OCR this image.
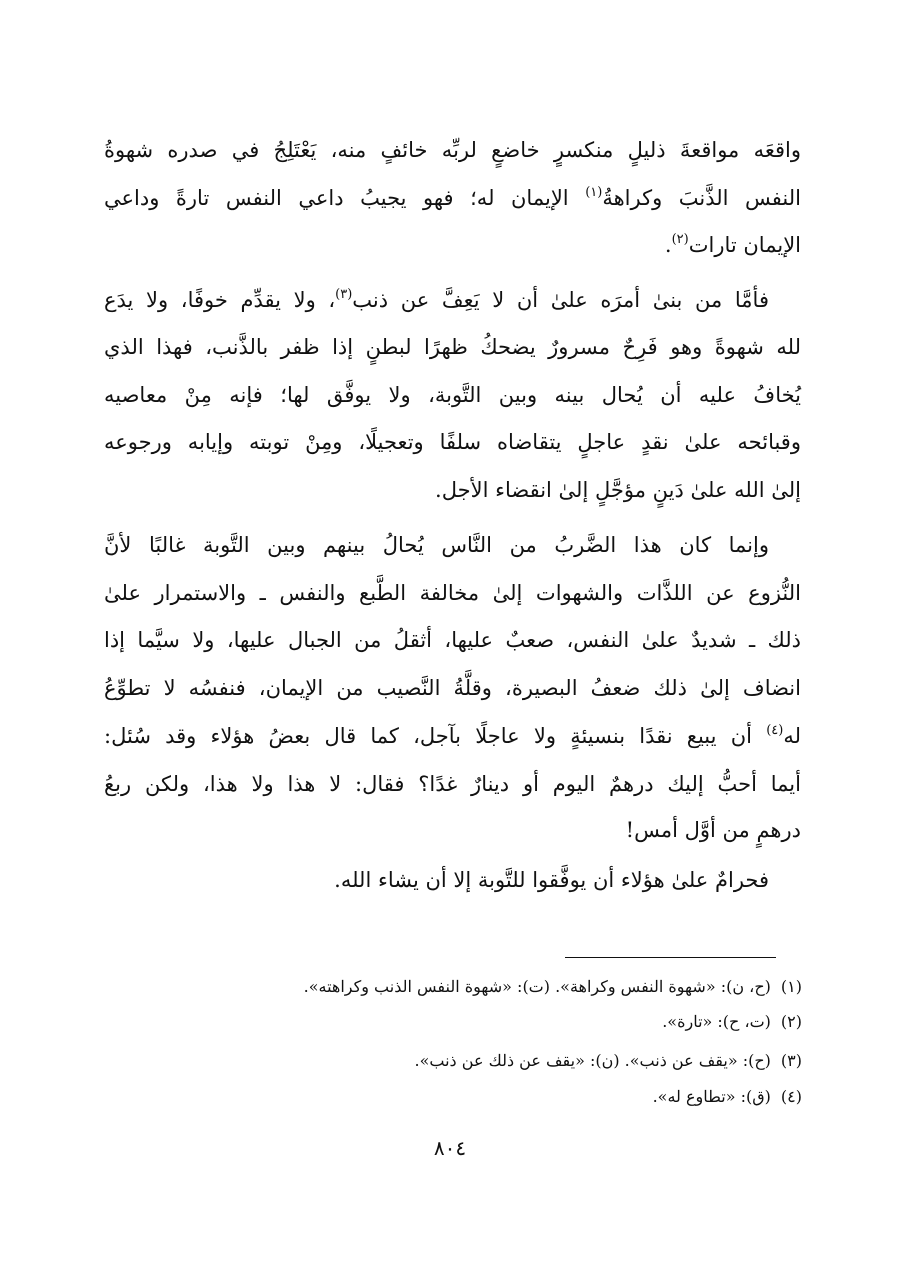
واقعَه مواقعةَ ذليلٍ منكسرٍ خاضعٍ لربِّه خائفٍ منه، يَعْتَلِجُ في صدره شهوةُ
النفس الذَّنبَ وكراهةُ$^{(١)}$ الإيمان له؛ فهو يجيبُ داعي النفس تارةً وداعي
الإيمان تارات$^{(٢)}$.
فأمَّا من بنىٰ أمرَه علىٰ أن لا يَعِفَّ عن ذنب$^{(٣)}$، ولا يقدِّم خوفًا، ولا يدَع
لله شهوةً وهو فَرِحٌ مسرورٌ يضحكُ ظهرًا لبطنٍ إذا ظفر بالذَّنب، فهذا الذي
يُخافُ عليه أن يُحال بينه وبين التَّوبة، ولا يوفَّق لها؛ فإنه مِنْ معاصيه
وقبائحه علىٰ نقدٍ عاجلٍ يتقاضاه سلفًا وتعجيلًا، ومِنْ توبته وإيابه ورجوعه
إلىٰ الله علىٰ دَينٍ مؤجَّلٍ إلىٰ انقضاء الأجل.
وإنما كان هذا الضَّربُ من النَّاس يُحالُ بينهم وبين التَّوبة غالبًا لأنَّ
النُّزوع عن اللذَّات والشهوات إلىٰ مخالفة الطَّبع والنفس ـ والاستمرار علىٰ
ذلك ـ شديدٌ علىٰ النفس، صعبٌ عليها، أثقلُ من الجبال عليها، ولا سيَّما إذا
انضاف إلىٰ ذلك ضعفُ البصيرة، وقلَّةُ النَّصيب من الإيمان، فنفسُه لا تطوِّعُ
له$^{(٤)}$ أن يبيع نقدًا بنسيئةٍ ولا عاجلًا بآجل، كما قال بعضُ هؤلاء وقد سُئل:
أيما أحبُّ إليك درهمٌ اليوم أو دينارٌ غدًا؟ فقال: لا هذا ولا هذا، ولكن ربعُ
درهمٍ من أوَّل أمس!
فحرامٌ علىٰ هؤلاء أن يوفَّقوا للتَّوبة إلا أن يشاء الله.
(١)(ح، ن): «شهوة النفس وكراهة». (ت): «شهوة النفس الذنب وكراهته».
(٢)(ت، ح): «تارة».
(٣)(ح): «يقف عن ذنب». (ن): «يقف عن ذلك عن ذنب».
(٤)(ق): «تطاوع له».
٨٠٤
